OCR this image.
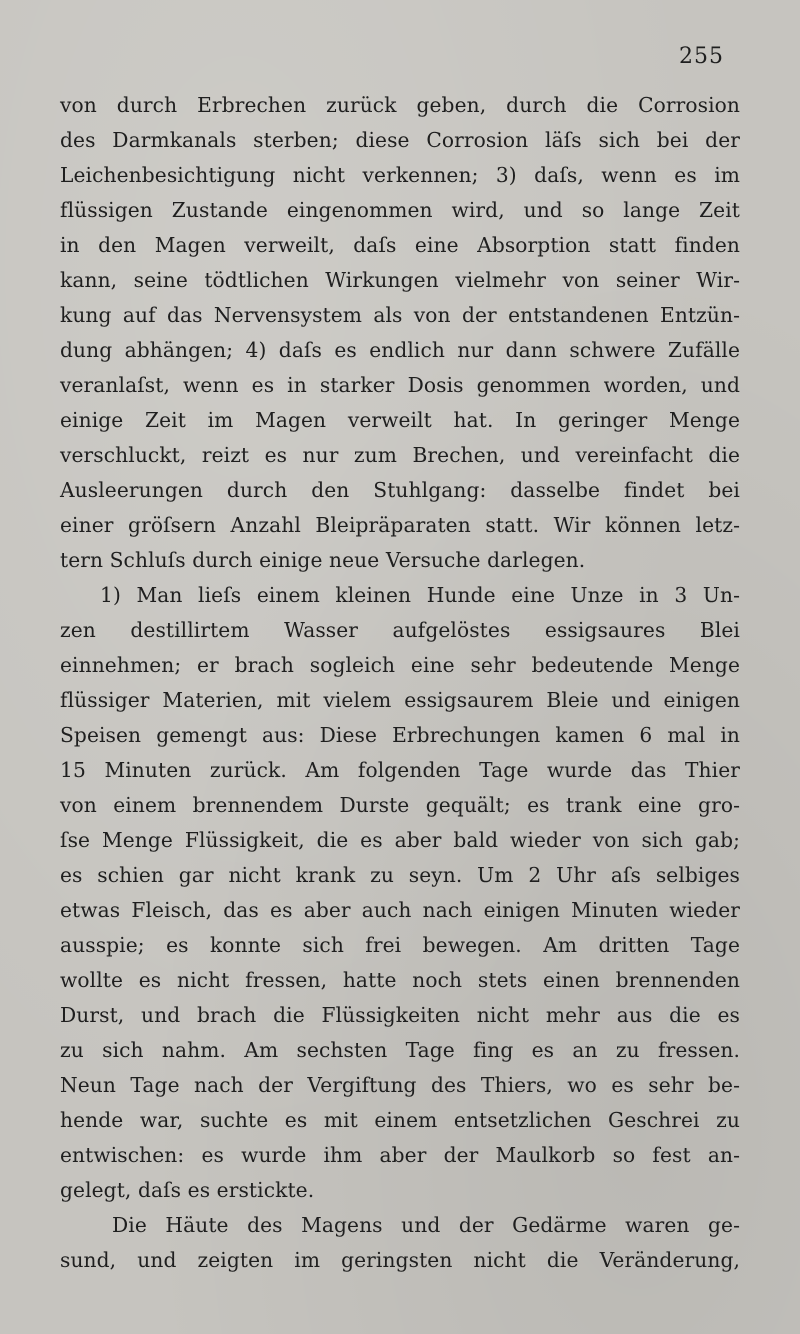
255
von durch Erbrechen zurück geben, durch die Corrosion
des Darmkanals sterben; diese Corrosion läſs sich bei der
Leichenbesichtigung nicht verkennen; 3) daſs, wenn es im
flüssigen Zustande eingenommen wird, und so lange Zeit
in den Magen verweilt, daſs eine Absorption statt finden
kann, seine tödtlichen Wirkungen vielmehr von seiner Wir-
kung auf das Nervensystem als von der entstandenen Entzün-
dung abhängen; 4) daſs es endlich nur dann schwere Zufälle
veranlaſst, wenn es in starker Dosis genommen worden, und
einige Zeit im Magen verweilt hat. In geringer Menge
verschluckt, reizt es nur zum Brechen, und vereinfacht die
Ausleerungen durch den Stuhlgang: dasselbe findet bei
einer gröſsern Anzahl Bleipräparaten statt. Wir können letz-
tern Schluſs durch einige neue Versuche darlegen.
1) Man lieſs einem kleinen Hunde eine Unze in 3 Un-
zen destillirtem Wasser aufgelöstes essigsaures Blei
einnehmen; er brach sogleich eine sehr bedeutende Menge
flüssiger Materien, mit vielem essigsaurem Bleie und einigen
Speisen gemengt aus: Diese Erbrechungen kamen 6 mal in
15 Minuten zurück. Am folgenden Tage wurde das Thier
von einem brennendem Durste gequält; es trank eine gro-
ſse Menge Flüssigkeit, die es aber bald wieder von sich gab;
es schien gar nicht krank zu seyn. Um 2 Uhr aſs selbiges
etwas Fleisch, das es aber auch nach einigen Minuten wieder
ausspie; es konnte sich frei bewegen. Am dritten Tage
wollte es nicht fressen, hatte noch stets einen brennenden
Durst, und brach die Flüssigkeiten nicht mehr aus die es
zu sich nahm. Am sechsten Tage fing es an zu fressen.
Neun Tage nach der Vergiftung des Thiers, wo es sehr be-
hende war, suchte es mit einem entsetzlichen Geschrei zu
entwischen: es wurde ihm aber der Maulkorb so fest an-
gelegt, daſs es erstickte.
Die Häute des Magens und der Gedärme waren ge-
sund, und zeigten im geringsten nicht die Veränderung,
